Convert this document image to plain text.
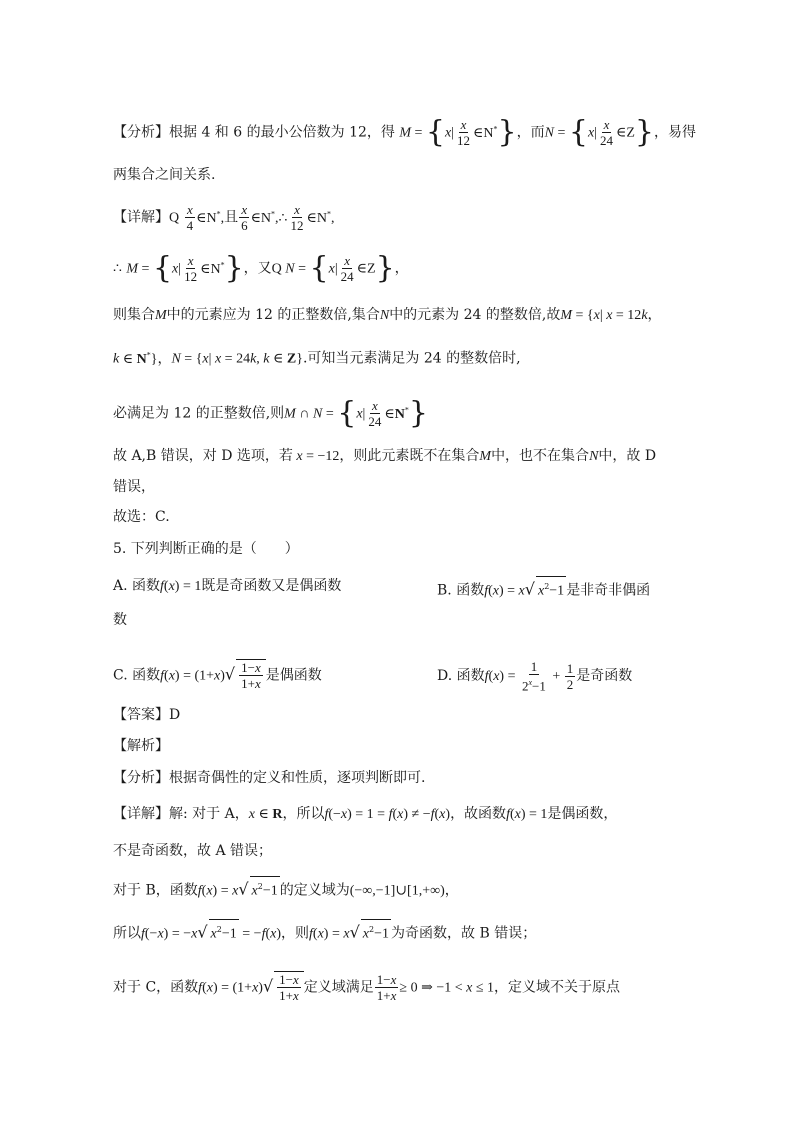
【分析】根据 4 和 6 的最小公倍数为 12，得 $M = \{x| \frac{x}{12}$ ∈N*}，而$N = \{x| \frac{x}{24}$ ∈Z}，易得
两集合之间关系.
【详解】Q $\frac{x}{4}$ ∈N*,且 $\frac{x}{6}$ ∈N*,∴ $\frac{x}{12}$ ∈N*,
∴ $M = \{x| \frac{x}{12}$ ∈N*}，又Q $N = \{x| \frac{x}{24}$ ∈Z}，
则集合M中的元素应为 12 的正整数倍,集合N中的元素为 24 的整数倍,故M = {x| x = 12k，
k ∈ N*}，N = {x| x = 24k, k ∈ Z}.可知当元素满足为 24 的整数倍时,
必满足为 12 的正整数倍,则M ∩ $N = \{x| \frac{x}{24}$ ∈N*}
故 A,B 错误，对 D 选项，若 x = −12，则此元素既不在集合M中，也不在集合N中，故 D
错误，
故选：C.
5. 下列判断正确的是（　　）
A. 函数f(x) = 1既是奇函数又是偶函数	B. 函数f(x) = x√ $x^2-1$ 是非奇非偶函
数
C. 函数$f(x) = (1+x)√ \frac{1-x}{1+x}$ 是偶函数	D. 函数$f(x) = \frac{1}{2^x-1} + \frac{1}{2}$ 是奇函数
【答案】D
【解析】
【分析】根据奇偶性的定义和性质，逐项判断即可.
【详解】解: 对于 A，x ∈ R，所以f(−x) = 1 = f(x) ≠ −f(x)，故函数f(x) = 1是偶函数，
不是奇函数，故 A 错误；
对于 B，函数f(x) = x√ $x^2-1$ 的定义域为(−∞,−1]∪[1,+∞)，
所以f(−x) = −x√ $x^2-1 = -f(x)$，则f(x) = x√ $x^2-1$ 为奇函数，故 B 错误；
对于 C，函数$f(x) = (1+x)√ \frac{1-x}{1+x}$ 定义域满足 $\frac{1-x}{1+x} \ge 0$ ⇒ −1 < x ≤ 1，定义域不关于原点
